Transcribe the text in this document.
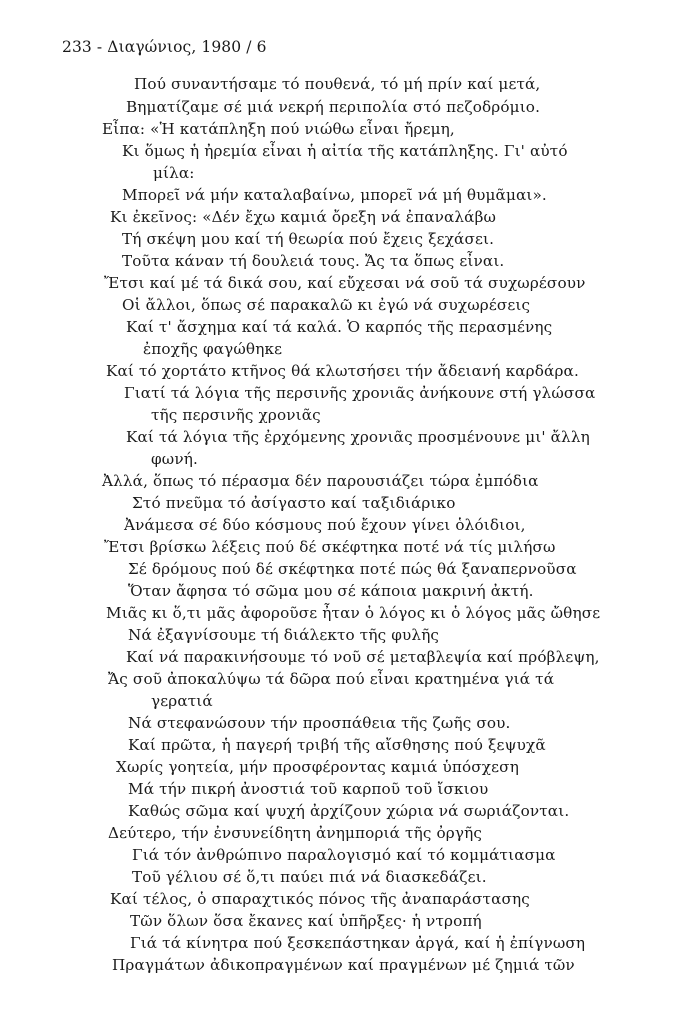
233 - Διαγώνιος, 1980 / 6
Πού συναντήσαμε τό πουθενά, τό μή πρίν καί μετά,
Βηματίζαμε σέ μιά νεκρή περιπολία στό πεζοδρόμιο.
Εἶπα: «Ἡ κατάπληξη πού νιώθω εἶναι ἤρεμη,
Κι ὅμως ἡ ἠρεμία εἶναι ἡ αἰτία τῆς κατάπληξης. Γι' αὐτό
μίλα:
Μπορεῖ νά μήν καταλαβαίνω, μπορεῖ νά μή θυμᾶμαι».
Κι ἐκεῖνος: «Δέν ἔχω καμιά ὄρεξη νά ἐπαναλάβω
Τή σκέψη μου καί τή θεωρία πού ἔχεις ξεχάσει.
Τοῦτα κάναν τή δουλειά τους. Ἄς τα ὅπως εἶναι.
Ἔτσι καί μέ τά δικά σου, καί εὔχεσαι νά σοῦ τά συχωρέσουν
Οἱ ἄλλοι, ὅπως σέ παρακαλῶ κι ἐγώ νά συχωρέσεις
Καί τ' ἄσχημα καί τά καλά. Ὁ καρπός τῆς περασμένης
ἐποχῆς φαγώθηκε
Καί τό χορτάτο κτῆνος θά κλωτσήσει τήν ἄδειανή καρδάρα.
Γιατί τά λόγια τῆς περσινῆς χρονιᾶς ἀνήκουνε στή γλώσσα
τῆς περσινῆς χρονιᾶς
Καί τά λόγια τῆς ἐρχόμενης χρονιᾶς προσμένουνε μι' ἄλλη
φωνή.
Ἀλλά, ὅπως τό πέρασμα δέν παρουσιάζει τώρα ἐμπόδια
Στό πνεῦμα τό ἀσίγαστο καί ταξιδιάρικο
Ἀνάμεσα σέ δύο κόσμους πού ἔχουν γίνει ὁλόιδιοι,
Ἔτσι βρίσκω λέξεις πού δέ σκέφτηκα ποτέ νά τίς μιλήσω
Σέ δρόμους πού δέ σκέφτηκα ποτέ πώς θά ξαναπερνοῦσα
Ὅταν ἄφησα τό σῶμα μου σέ κάποια μακρινή ἀκτή.
Μιᾶς κι ὅ,τι μᾶς ἀφοροῦσε ἦταν ὁ λόγος κι ὁ λόγος μᾶς ὤθησε
Νά ἐξαγνίσουμε τή διάλεκτο τῆς φυλῆς
Καί νά παρακινήσουμε τό νοῦ σέ μεταβλεψία καί πρόβλεψη,
Ἄς σοῦ ἀποκαλύψω τά δῶρα πού εἶναι κρατημένα γιά τά
γερατιά
Νά στεφανώσουν τήν προσπάθεια τῆς ζωῆς σου.
Καί πρῶτα, ἡ παγερή τριβή τῆς αἴσθησης πού ξεψυχᾶ
Χωρίς γοητεία, μήν προσφέροντας καμιά ὑπόσχεση
Μά τήν πικρή ἀνοστιά τοῦ καρποῦ τοῦ ἴσκιου
Καθώς σῶμα καί ψυχή ἀρχίζουν χώρια νά σωριάζονται.
Δεύτερο, τήν ἐνσυνείδητη ἀνημποριά τῆς ὀργῆς
Γιά τόν ἀνθρώπινο παραλογισμό καί τό κομμάτιασμα
Τοῦ γέλιου σέ ὅ,τι παύει πιά νά διασκεδάζει.
Καί τέλος, ὁ σπαραχτικός πόνος τῆς ἀναπαράστασης
Τῶν ὅλων ὅσα ἔκανες καί ὑπῆρξες· ἡ ντροπή
Γιά τά κίνητρα πού ξεσκεπάστηκαν ἀργά, καί ἡ ἐπίγνωση
Πραγμάτων ἀδικοπραγμένων καί πραγμένων μέ ζημιά τῶν
